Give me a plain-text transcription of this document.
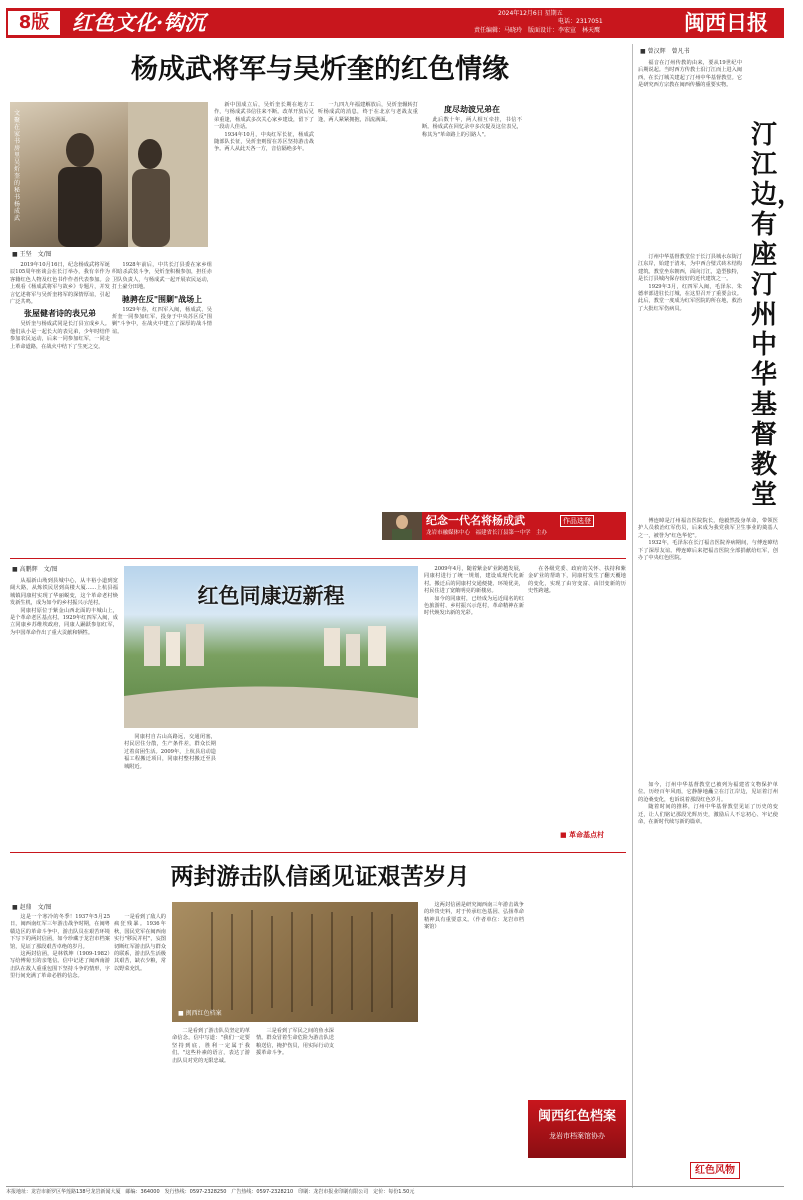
8版	红色文化·钩沉	2024年12月6日 星期五
电话：2317051
责任编辑：马晓玲　版面设计：李宏宣　林天鹰	闽西日报
杨成武将军与吴炘奎的红色情缘
文聚在家书房里吴炘奎的秘书杨成武
■ 王坚　文/图

2019年10月16日，纪念杨成武将军诞辰105周年座谈会在长汀举办，我有幸作为客籍红色人物及红色书作作者代表参加。会上观看《杨成武将军与故乡》专题片，并发言忆述将军与吴炘奎将军的深情厚谊，引起广泛共鸣。

张屋健者诗的表兄弟

吴炘奎与杨成武同是长汀县宣成乡人。他们从小是一起长大的表兄弟，少年时结伴参加农民运动，后来一同参加红军，一同走上革命道路，在战火中结下了生死之交。

1928年前后，中共长汀县委在家乡组织暗杀武装斗争，吴炘奎积极参加，担任赤卫队负责人，与杨成武一起开展农民运动，打土豪分田地。

驰骋在反"围剿"战场上

1929年春，红四军入闽，杨成武、吴炘奎一同参加红军，投身于中央苏区反"围剿"斗争中，在战火中建立了深厚的战斗情谊。

新中国成立后，吴炘奎长期在地方工作，与杨成武书信往来不断。改革开放后兄弟重逢，杨成武多次关心家乡建设，留下了一段动人佳话。

1934年10月，中央红军长征，杨成武随部队长征，吴炘奎则留在苏区坚持游击战争。两人从此天各一方，音信隔绝多年。

一九四九年福建解放后，吴炘奎辗转打听杨成武的消息，终于在北京与老战友重逢，两人紧紧拥抱，泪流满面。

度尽劫波兄弟在

此后数十年，两人相互牵挂，书信不断。杨成武在回忆录中多次提及这位表兄，称其为"革命路上的引路人"。

纪念一代名将杨成武	作品选登
龙岩市融媒体中心　福建省长汀县第一中学　主办
■ 高鹏辉　文/图

从福新山坳到县城中心，从丰裕小道到宽阔大路，从炼铁民居到高楼大厦……上杭县福城镇同康村实现了华丽蜕变，这个革命老村焕发新生机，成为如今的乡村振兴示范村。

同康村原位于紫金山西北面的丰城山上，是个革命老区基点村。1929年红四军入闽，成立同康乡苏维埃政府，同康人踊跃参加红军，为中国革命作出了重大贡献和牺牲。

红色同康迈新程

同康村自古山高路远，交通闭塞，村民居住分散，生产条件差，群众长期过着贫困生活。2009年，上杭县启动造福工程搬迁项目，同康村整村搬迁至县城附近。

2009年4月，随着紫金矿业跨越发展，同康村进行了统一规划，建设成现代化新村。搬迁后的同康村交通便捷、环境优美，村民住进了宽敞明亮的新楼房。

如今的同康村，已经成为远近闻名的红色旅游村、乡村振兴示范村，革命精神在新时代焕发出新的光彩。

在各级党委、政府的关怀、扶持和紫金矿业的帮助下，同康村发生了翻天覆地的变化，实现了由穷变富、由旧变新的历史性跨越。

■ 革命基点村
两封游击队信函见证艰苦岁月
■ 赵鼎　文/图

这是一个寒冷的冬季！1937年5月25日，闽西南红军三年游击战争时期，在闽粤赣边区的革命斗争中，游击队员在艰苦环境下写下的两封信函，如今珍藏于龙岩市档案馆，见证了那段艰苦卓绝的岁月。

这两封信函，是林铁坤（1909-1982）写给傅菊玉的亲笔信。信中记述了闽西南游击队在敌人重重包围下坚持斗争的情形，字里行间充满了革命必胜的信念。

一是看到了敌人的疯狂残暴。1936年秋，国民党军在闽西南实行"移民并村"，妄图切断红军游击队与群众的联系，游击队生活极其艰苦，缺衣少粮，常以野菜充饥。

■ 闽西红色档案

二是看到了游击队员坚定的革命信念。信中写道："我们一定要坚持到底，胜利一定属于我们。"这些朴素的语言，表达了游击队员对党的无限忠诚。

三是看到了军民之间的鱼水深情。群众冒着生命危险为游击队送粮送信，掩护伤员，用实际行动支援革命斗争。

这两封信函是研究闽西南三年游击战争的珍贵史料，对于传承红色基因、弘扬革命精神具有重要意义。（作者单位：龙岩市档案馆）

闽西红色档案
龙岩市档案馆协办
■ 曾汉辉　曾凡书
汀江边，有座汀州中华基督教堂

福音在汀州传教的由来，要从19世纪中后期说起。当时西方传教士沿汀江而上进入闽西，在长汀城关建起了汀州中华基督教堂。它是研究西方宗教在闽西传播的重要实物。

汀州中华基督教堂位于长汀县城水东街汀江东岸，始建于清末，为中西合璧式砖木结构建筑。教堂坐东朝西，面向汀江，造型独特，是长汀县城内保存较好的近代建筑之一。

1929年3月，红四军入闽，毛泽东、朱德率部进驻长汀城，在这里召开了重要会议。此后，教堂一度成为红军医院的所在地，救治了大批红军伤病员。

傅连暲是汀州福音医院院长，他毅然投身革命，带领医护人员救治红军伤员，后来成为我党我军卫生事业的奠基人之一，被誉为"红色华佗"。

1932年，毛泽东在长汀福音医院养病期间，与傅连暲结下了深厚友谊。傅连暲后来把福音医院全部捐献给红军，创办了中央红色医院。

如今，汀州中华基督教堂已被列为福建省文物保护单位。历经百年风雨，它静静地矗立在汀江岸边，见证着汀州的沧桑变化，也诉说着那段红色岁月。

随着时间的推移，汀州中华基督教堂见证了历史的变迁，让人们铭记那段光辉历史，激励后人不忘初心、牢记使命，在新时代续写新的篇章。

红色风物
本报地址：龙岩市新罗区华莲路138号龙岩新闻大厦　邮编：364000　发行热线：0597-2328250　广告热线：0597-2328210　印刷：龙岩市报业印刷有限公司　定价：每份1.50元
